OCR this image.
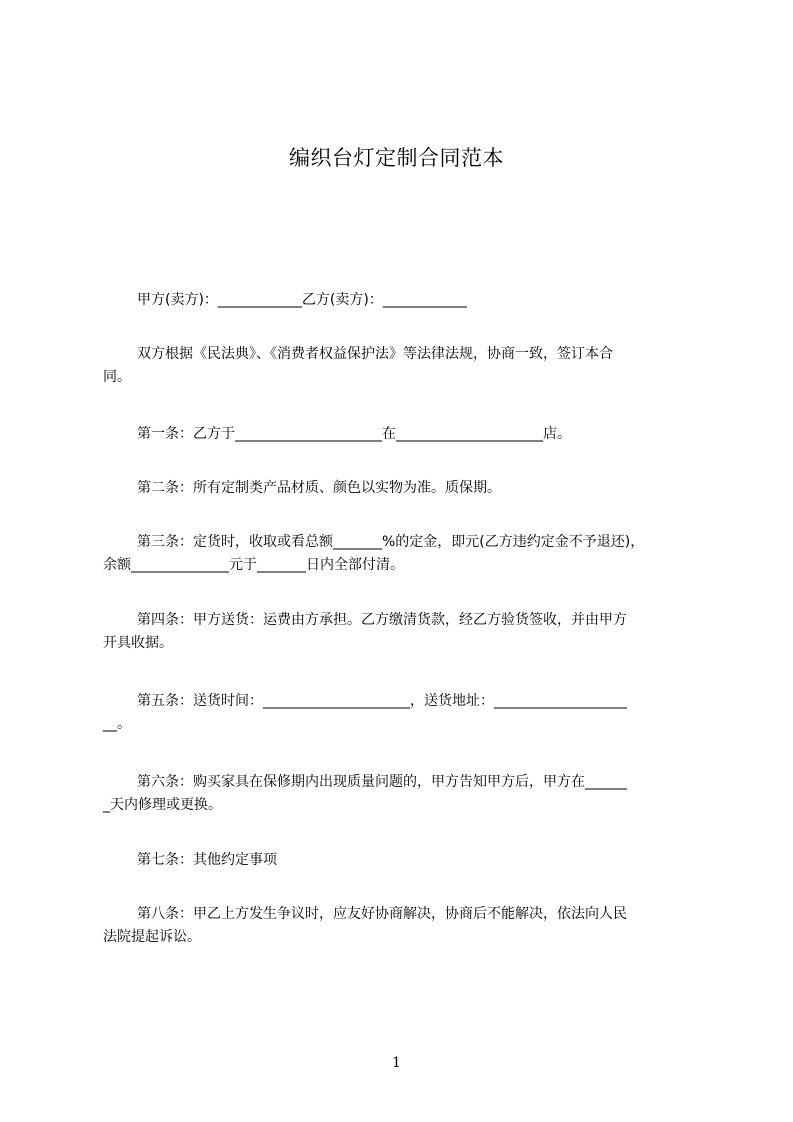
编织台灯定制合同范本
甲方(卖方)：____________乙方(卖方)：____________
双方根据《民法典》、《消费者权益保护法》等法律法规，协商一致，签订本合
同。
第一条：乙方于_____________________在_____________________店。
第二条：所有定制类产品材质、颜色以实物为准。质保期。
第三条：定货时，收取或看总额_______%的定金，即元(乙方违约定金不予退还)，
余额______________元于_______日内全部付清。
第四条：甲方送货：运费由方承担。乙方缴清货款，经乙方验货签收，并由甲方
开具收据。
第五条：送货时间：_____________________，送货地址：___________________
__。
第六条：购买家具在保修期内出现质量问题的，甲方告知甲方后，甲方在______
_天内修理或更换。
第七条：其他约定事项
第八条：甲乙上方发生争议时，应友好协商解决，协商后不能解决，依法向人民
法院提起诉讼。
1
